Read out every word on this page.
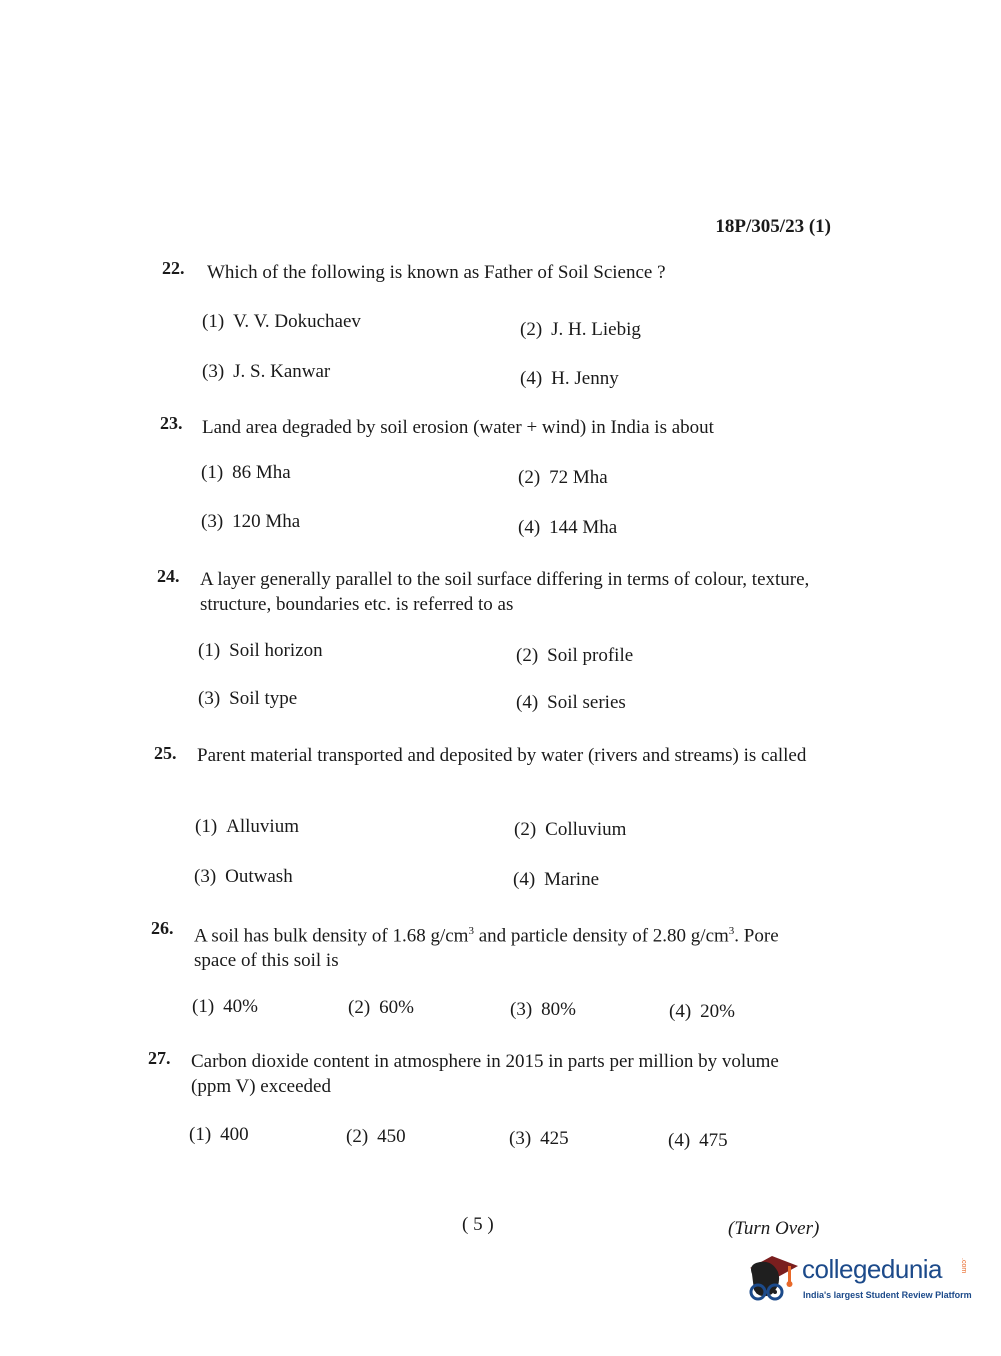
18P/305/23 (1)
22. Which of the following is known as Father of Soil Science ?
(1) V. V. Dokuchaev	(2) J. H. Liebig
(3) J. S. Kanwar	(4) H. Jenny
23. Land area degraded by soil erosion (water + wind) in India is about
(1) 86 Mha	(2) 72 Mha
(3) 120 Mha	(4) 144 Mha
24. A layer generally parallel to the soil surface differing in terms of colour, texture, structure, boundaries etc. is referred to as
(1) Soil horizon	(2) Soil profile
(3) Soil type	(4) Soil series
25. Parent material transported and deposited by water (rivers and streams) is called
(1) Alluvium	(2) Colluvium
(3) Outwash	(4) Marine
26. A soil has bulk density of 1.68 $g/cm^3$ and particle density of 2.80 $g/cm^3$. Pore space of this soil is
(1) 40%	(2) 60%	(3) 80%	(4) 20%
27. Carbon dioxide content in atmosphere in 2015 in parts per million by volume (ppm V) exceeded
(1) 400	(2) 450	(3) 425	(4) 475
( 5 )	(Turn Over)
collegedunia	.com
India's largest Student Review Platform
